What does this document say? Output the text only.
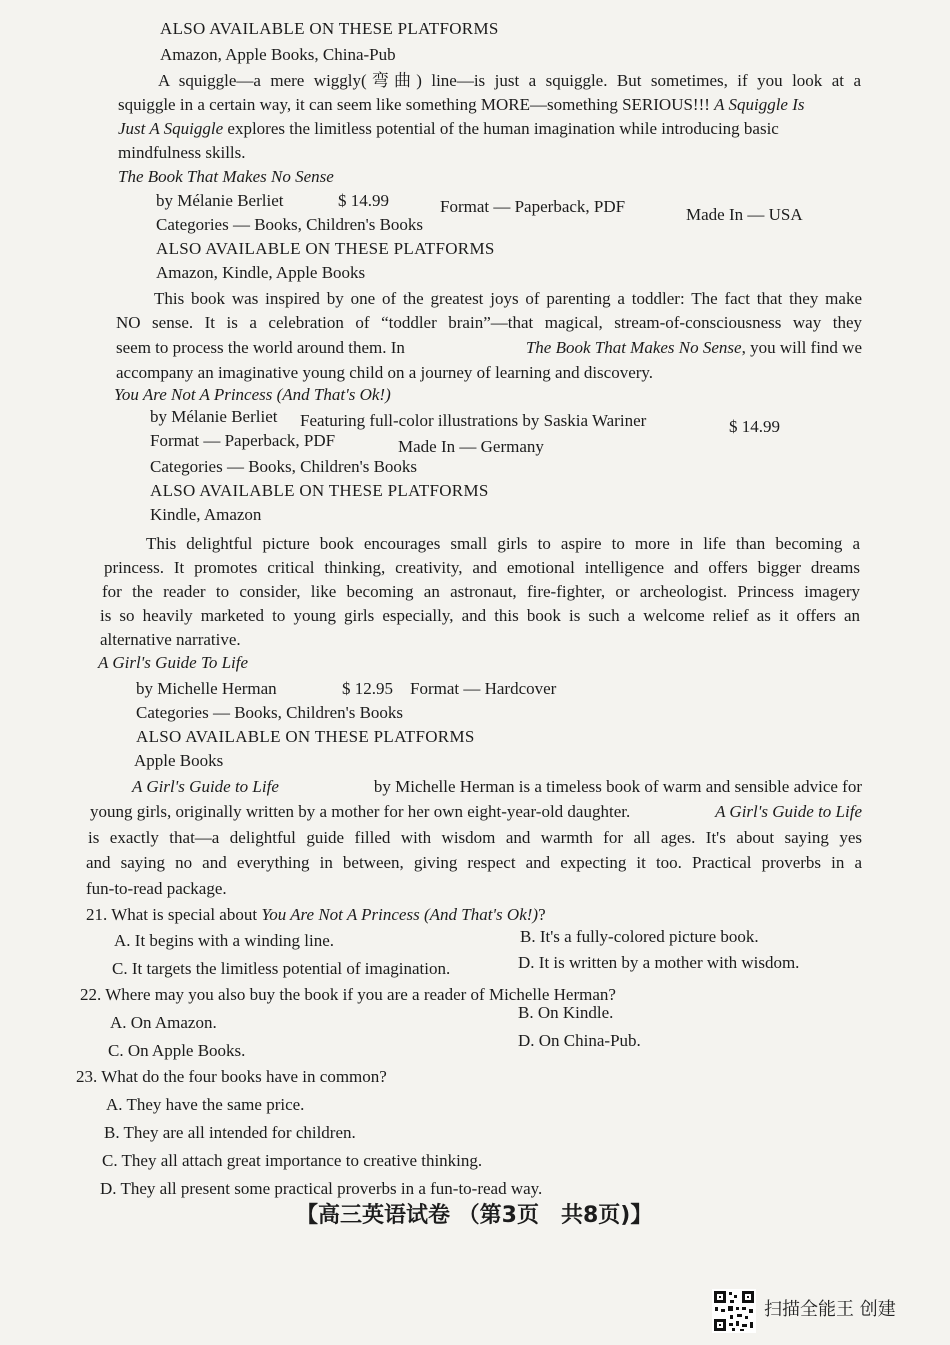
ALSO AVAILABLE ON THESE PLATFORMS
Amazon, Apple Books, China-Pub
A squiggle—a mere wiggly(弯曲) line—is just a squiggle. But sometimes, if you look at a
squiggle in a certain way, it can seem like something MORE—something SERIOUS!!! A Squiggle Is
Just A Squiggle explores the limitless potential of the human imagination while introducing basic
mindfulness skills.
The Book That Makes No Sense
by Mélanie Berliet	$ 14.99	Format — Paperback, PDF	Made In — USA
Categories — Books, Children's Books
ALSO AVAILABLE ON THESE PLATFORMS
Amazon, Kindle, Apple Books
This book was inspired by one of the greatest joys of parenting a toddler: The fact that they make
NO sense. It is a celebration of “toddler brain”—that magical, stream-of-consciousness way they
seem to process the world around them. In	The Book That Makes No Sense, you will find we
accompany an imaginative young child on a journey of learning and discovery.
You Are Not A Princess (And That's Ok!)
by Mélanie Berliet Featuring full-color illustrations by Saskia Wariner	$ 14.99
Format — Paperback, PDF	Made In — Germany
Categories — Books, Children's Books
ALSO AVAILABLE ON THESE PLATFORMS
Kindle, Amazon
This delightful picture book encourages small girls to aspire to more in life than becoming a
princess. It promotes critical thinking, creativity, and emotional intelligence and offers bigger dreams
for the reader to consider, like becoming an astronaut, fire-fighter, or archeologist. Princess imagery
is so heavily marketed to young girls especially, and this book is such a welcome relief as it offers an
alternative narrative.
A Girl's Guide To Life
by Michelle Herman	$ 12.95 Format — Hardcover
Categories — Books, Children's Books
ALSO AVAILABLE ON THESE PLATFORMS
Apple Books
A Girl's Guide to Life	by Michelle Herman is a timeless book of warm and sensible advice for
young girls, originally written by a mother for her own eight-year-old daughter.	A Girl's Guide to Life
is exactly that—a delightful guide filled with wisdom and warmth for all ages. It's about saying yes
and saying no and everything in between, giving respect and expecting it too. Practical proverbs in a
fun-to-read package.
21. What is special about You Are Not A Princess (And That's Ok!)?
A. It begins with a winding line.	B. It's a fully-colored picture book.
C. It targets the limitless potential of imagination.	D. It is written by a mother with wisdom.
22. Where may you also buy the book if you are a reader of Michelle Herman?
A. On Amazon.
B. On Kindle.
C. On Apple Books.
D. On China-Pub.
23. What do the four books have in common?
A. They have the same price.
B. They are all intended for children.
C. They all attach great importance to creative thinking.
D. They all present some practical proverbs in a fun-to-read way.
【高三英语试卷 （第3页　共8页)】
扫描全能王 创建
